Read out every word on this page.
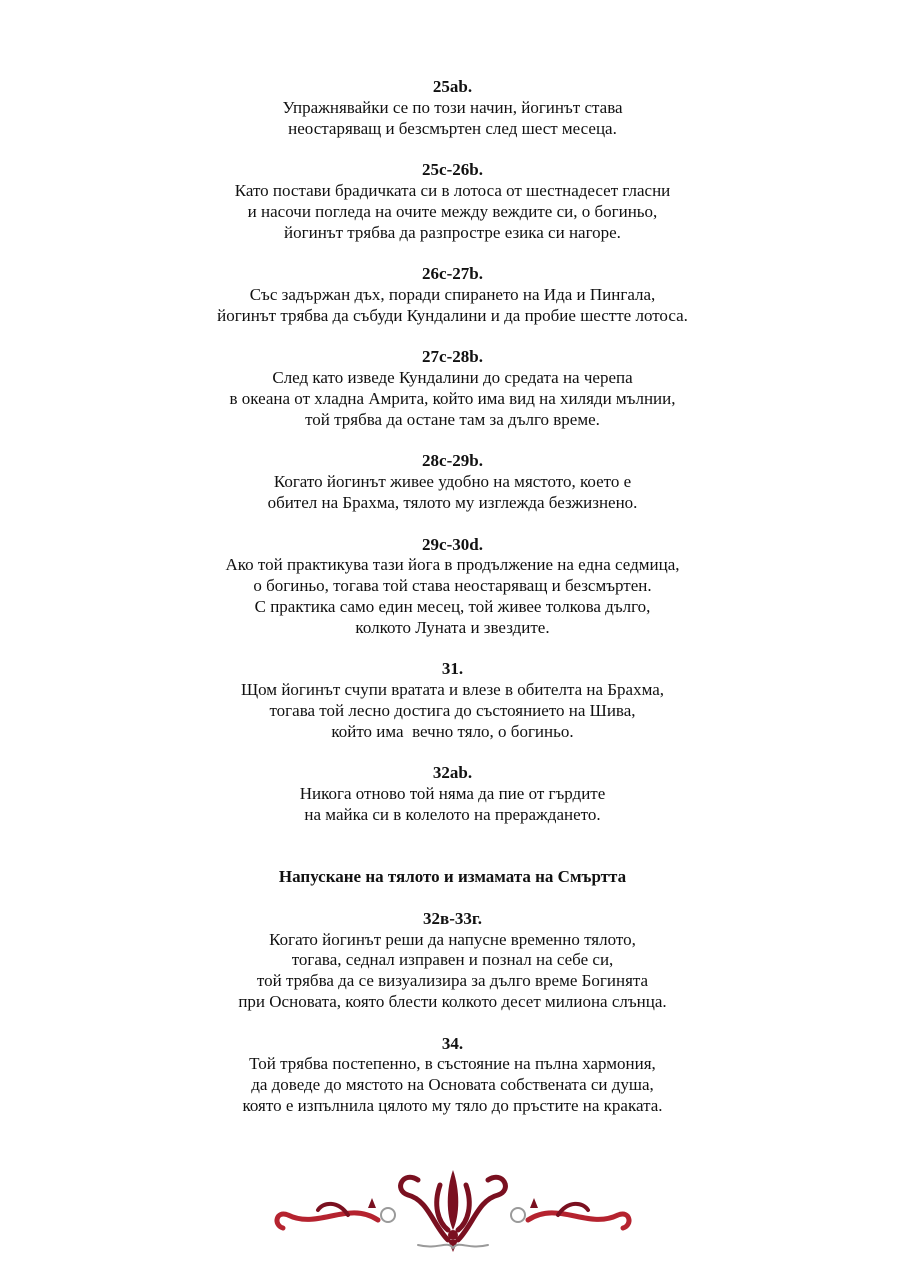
25ab.
Упражнявайки се по този начин, йогинът става
неостаряващ и безсмъртен след шест месеца.
25c-26b.
Като постави брадичката си в лотоса от шестнадесет гласни
и насочи погледа на очите между веждите си, о богиньо,
йогинът трябва да разпростре езика си нагоре.
26c-27b.
Със задържан дъх, поради спирането на Ида и Пингала,
йогинът трябва да събуди Кундалини и да пробие шестте лотоса.
27c-28b.
След като изведе Кундалини до средата на черепа
в океана от хладна Амрита, който има вид на хиляди мълнии,
той трябва да остане там за дълго време.
28c-29b.
Когато йогинът живее удобно на мястото, което е
обител на Брахма, тялото му изглежда безжизнено.
29c-30d.
Ако той практикува тази йога в продължение на една седмица,
о богиньо, тогава той става неостаряващ и безсмъртен.
С практика само един месец, той живее толкова дълго,
колкото Луната и звездите.
31.
Щом йогинът счупи вратата и влезе в обителта на Брахма,
тогава той лесно достига до състоянието на Шива,
който има  вечно тяло, о богиньо.
32ab.
Никога отново той няма да пие от гърдите
на майка си в колелото на прераждането.
Напускане на тялото и измамата на Смъртта
32в-33г.
Когато йогинът реши да напусне временно тялото,
тогава, седнал изправен и познал на себе си,
той трябва да се визуализира за дълго време Богинята
при Основата, която блести колкото десет милиона слънца.
34.
Той трябва постепенно, в състояние на пълна хармония,
да доведе до мястото на Основата собствената си душа,
която е изпълнила цялото му тяло до пръстите на краката.
